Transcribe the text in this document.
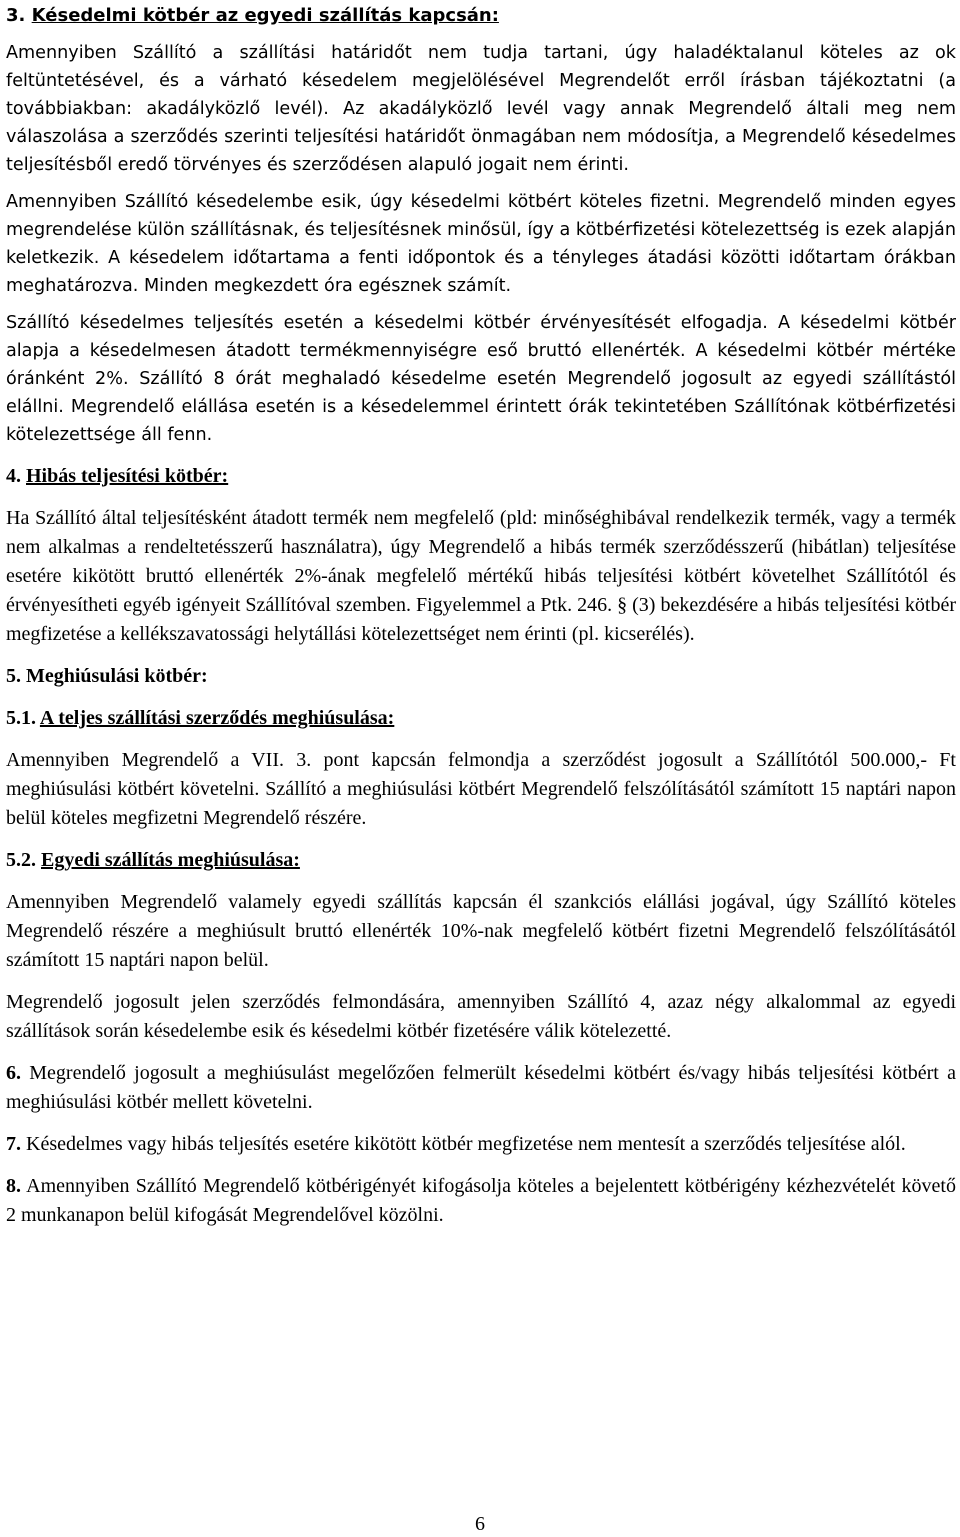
3. Késedelmi kötbér az egyedi szállítás kapcsán:

Amennyiben Szállító a szállítási határidőt nem tudja tartani, úgy haladéktalanul köteles az ok feltüntetésével, és a várható késedelem megjelölésével Megrendelőt erről írásban tájékoztatni (a továbbiakban: akadályközlő levél). Az akadályközlő levél vagy annak Megrendelő általi meg nem válaszolása a szerződés szerinti teljesítési határidőt önmagában nem módosítja, a Megrendelő késedelmes teljesítésből eredő törvényes és szerződésen alapuló jogait nem érinti.

Amennyiben Szállító késedelembe esik, úgy késedelmi kötbért köteles fizetni. Megrendelő minden egyes megrendelése külön szállításnak, és teljesítésnek minősül, így a kötbérfizetési kötelezettség is ezek alapján keletkezik. A késedelem időtartama a fenti időpontok és a tényleges átadási közötti időtartam órákban meghatározva. Minden megkezdett óra egésznek számít.

Szállító késedelmes teljesítés esetén a késedelmi kötbér érvényesítését elfogadja. A késedelmi kötbér alapja a késedelmesen átadott termékmennyiségre eső bruttó ellenérték. A késedelmi kötbér mértéke óránként 2%. Szállító 8 órát meghaladó késedelme esetén Megrendelő jogosult az egyedi szállítástól elállni. Megrendelő elállása esetén is a késedelemmel érintett órák tekintetében Szállítónak kötbérfizetési kötelezettsége áll fenn.

4. Hibás teljesítési kötbér:

Ha Szállító által teljesítésként átadott termék nem megfelelő (pld: minőséghibával rendelkezik termék, vagy a termék nem alkalmas a rendeltetésszerű használatra), úgy Megrendelő a hibás termék szerződésszerű (hibátlan) teljesítése esetére kikötött bruttó ellenérték 2%-ának megfelelő mértékű hibás teljesítési kötbért követelhet Szállítótól és érvényesítheti egyéb igényeit Szállítóval szemben. Figyelemmel a Ptk. 246. § (3) bekezdésére a hibás teljesítési kötbér megfizetése a kellékszavatossági helytállási kötelezettséget nem érinti (pl. kicserélés).

5. Meghiúsulási kötbér:
5.1. A teljes szállítási szerződés meghiúsulása:

Amennyiben Megrendelő a VII. 3. pont kapcsán felmondja a szerződést jogosult a Szállítótól 500.000,- Ft meghiúsulási kötbért követelni. Szállító a meghiúsulási kötbért Megrendelő felszólításától számított 15 naptári napon belül köteles megfizetni Megrendelő részére.

5.2. Egyedi szállítás meghiúsulása:

Amennyiben Megrendelő valamely egyedi szállítás kapcsán él szankciós elállási jogával, úgy Szállító köteles Megrendelő részére a meghiúsult bruttó ellenérték 10%-nak megfelelő kötbért fizetni Megrendelő felszólításától számított 15 naptári napon belül.

Megrendelő jogosult jelen szerződés felmondására, amennyiben Szállító 4, azaz négy alkalommal az egyedi szállítások során késedelembe esik és késedelmi kötbér fizetésére válik kötelezetté.

6. Megrendelő jogosult a meghiúsulást megelőzően felmerült késedelmi kötbért és/vagy hibás teljesítési kötbért a meghiúsulási kötbér mellett követelni.

7. Késedelmes vagy hibás teljesítés esetére kikötött kötbér megfizetése nem mentesít a szerződés teljesítése alól.

8. Amennyiben Szállító Megrendelő kötbérigényét kifogásolja köteles a bejelentett kötbérigény kézhezvételét követő 2 munkanapon belül kifogását Megrendelővel közölni.

6
